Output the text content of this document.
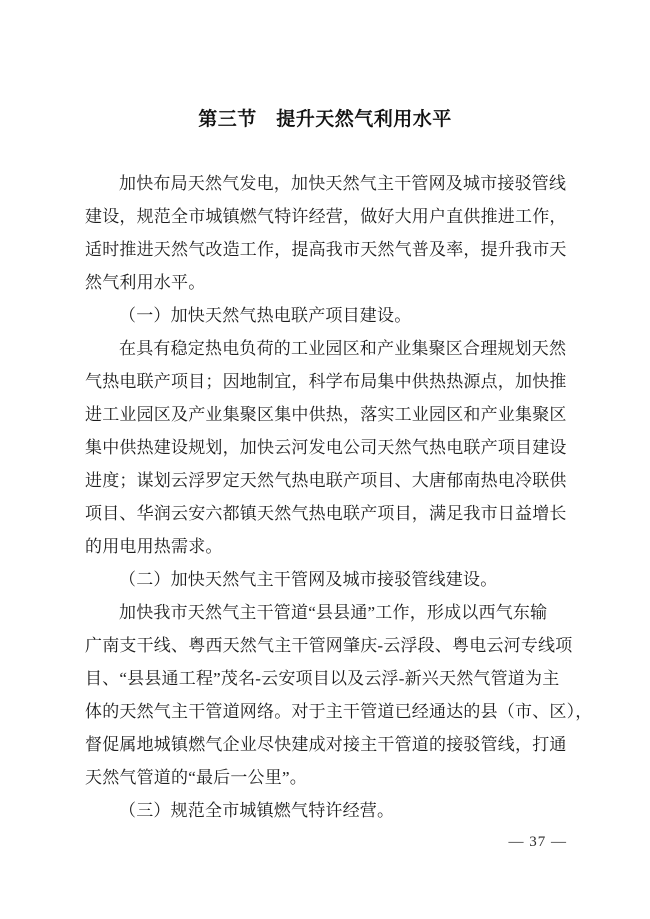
第三节　提升天然气利用水平
加快布局天然气发电，加快天然气主干管网及城市接驳管线
建设，规范全市城镇燃气特许经营，做好大用户直供推进工作，
适时推进天然气改造工作，提高我市天然气普及率，提升我市天
然气利用水平。
（一）加快天然气热电联产项目建设。
在具有稳定热电负荷的工业园区和产业集聚区合理规划天然
气热电联产项目；因地制宜，科学布局集中供热热源点，加快推
进工业园区及产业集聚区集中供热，落实工业园区和产业集聚区
集中供热建设规划，加快云河发电公司天然气热电联产项目建设
进度；谋划云浮罗定天然气热电联产项目、大唐郁南热电冷联供
项目、华润云安六都镇天然气热电联产项目，满足我市日益增长
的用电用热需求。
（二）加快天然气主干管网及城市接驳管线建设。
加快我市天然气主干管道“县县通”工作，形成以西气东输
广南支干线、粤西天然气主干管网肇庆-云浮段、粤电云河专线项
目、“县县通工程”茂名-云安项目以及云浮-新兴天然气管道为主
体的天然气主干管道网络。对于主干管道已经通达的县（市、区），
督促属地城镇燃气企业尽快建成对接主干管道的接驳管线，打通
天然气管道的“最后一公里”。
（三）规范全市城镇燃气特许经营。
— 37 —
